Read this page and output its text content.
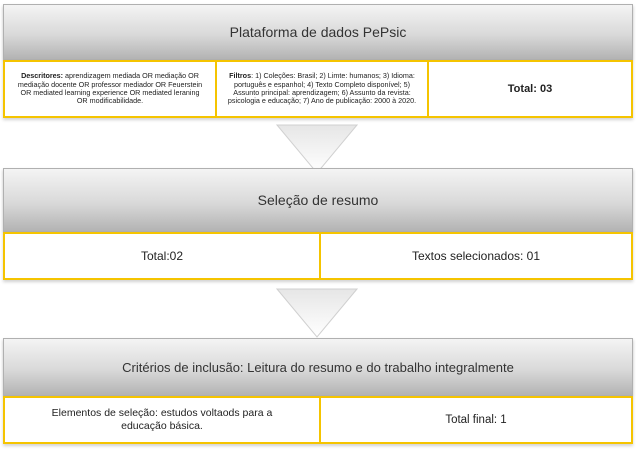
Plataforma de dados PePsic
Descritores: aprendizagem mediada OR mediação OR mediação docente OR professor mediador OR Feuerstein OR mediated learning experience OR mediated leraning OR modificabilidade.
Filtros: 1) Coleções: Brasil; 2) Limte: humanos; 3) Idioma: português e espanhol; 4) Texto Completo disponível; 5) Assunto principal: aprendizagem; 6) Assunto da revista: psicologia e educação; 7) Ano de publicação: 2000 à 2020.
Total: 03
Seleção de resumo
Total:02	Textos selecionados: 01
Critérios de inclusão: Leitura do resumo e do trabalho integralmente
Elementos de seleção: estudos voltaods para a educação básica.	Total final: 1
